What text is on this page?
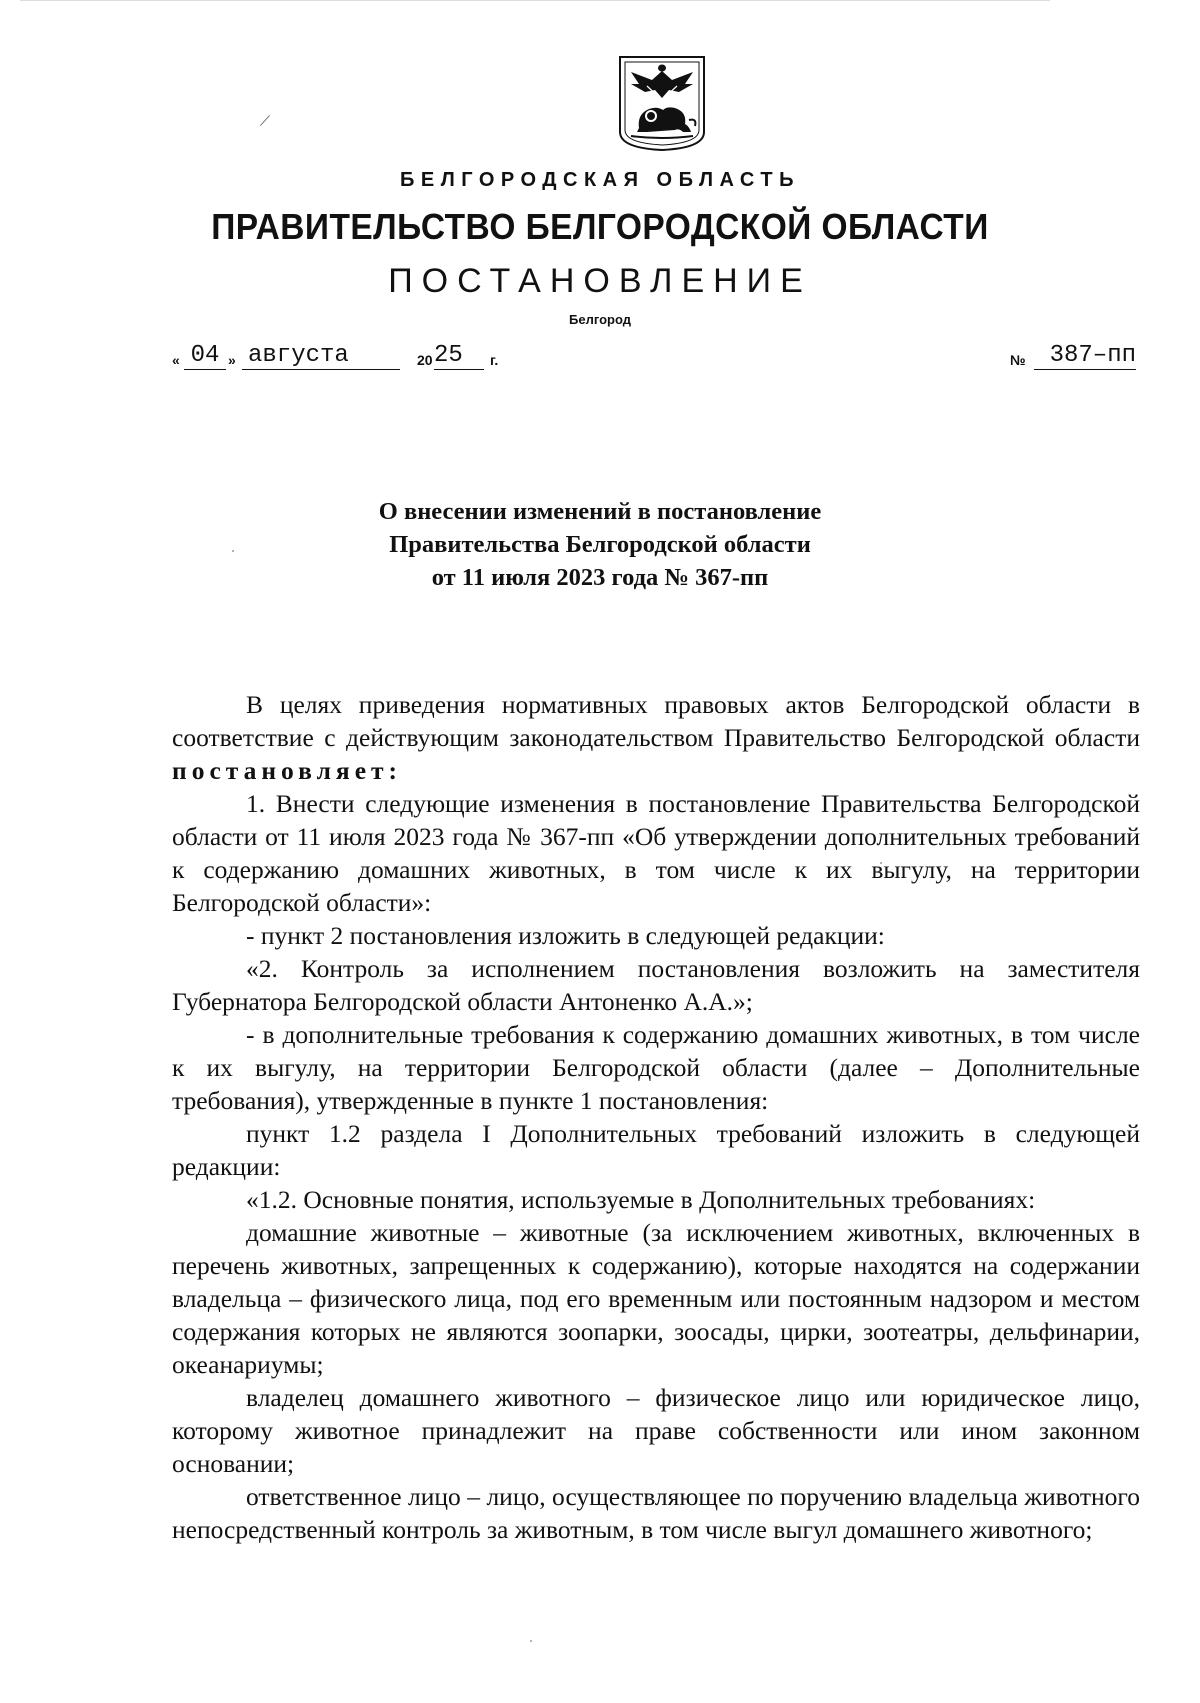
БЕЛГОРОДСКАЯ ОБЛАСТЬ
ПРАВИТЕЛЬСТВО БЕЛГОРОДСКОЙ ОБЛАСТИ
ПОСТАНОВЛЕНИЕ
Белгород
« 04 » августа	20 25	г.	№ 387–пп
О внесении изменений в постановление
Правительства Белгородской области
от 11 июля 2023 года № 367-пп

В целях приведения нормативных правовых актов Белгородской области в соответствие с действующим законодательством Правительство Белгородской области постановляет:

1. Внести следующие изменения в постановление Правительства Белгородской области от 11 июля 2023 года № 367-пп «Об утверждении дополнительных требований к содержанию домашних животных, в том числе к их выгулу, на территории Белгородской области»:

- пункт 2 постановления изложить в следующей редакции:

«2. Контроль за исполнением постановления возложить на заместителя Губернатора Белгородской области Антоненко А.А.»;

- в дополнительные требования к содержанию домашних животных, в том числе к их выгулу, на территории Белгородской области (далее – Дополнительные требования), утвержденные в пункте 1 постановления:

пункт 1.2 раздела I Дополнительных требований изложить в следующей редакции:

«1.2. Основные понятия, используемые в Дополнительных требованиях:

домашние животные – животные (за исключением животных, включенных в перечень животных, запрещенных к содержанию), которые находятся на содержании владельца – физического лица, под его временным или постоянным надзором и местом содержания которых не являются зоопарки, зоосады, цирки, зоотеатры, дельфинарии, океанариумы;

владелец домашнего животного – физическое лицо или юридическое лицо, которому животное принадлежит на праве собственности или ином законном основании;

ответственное лицо – лицо, осуществляющее по поручению владельца животного непосредственный контроль за животным, в том числе выгул домашнего животного;
